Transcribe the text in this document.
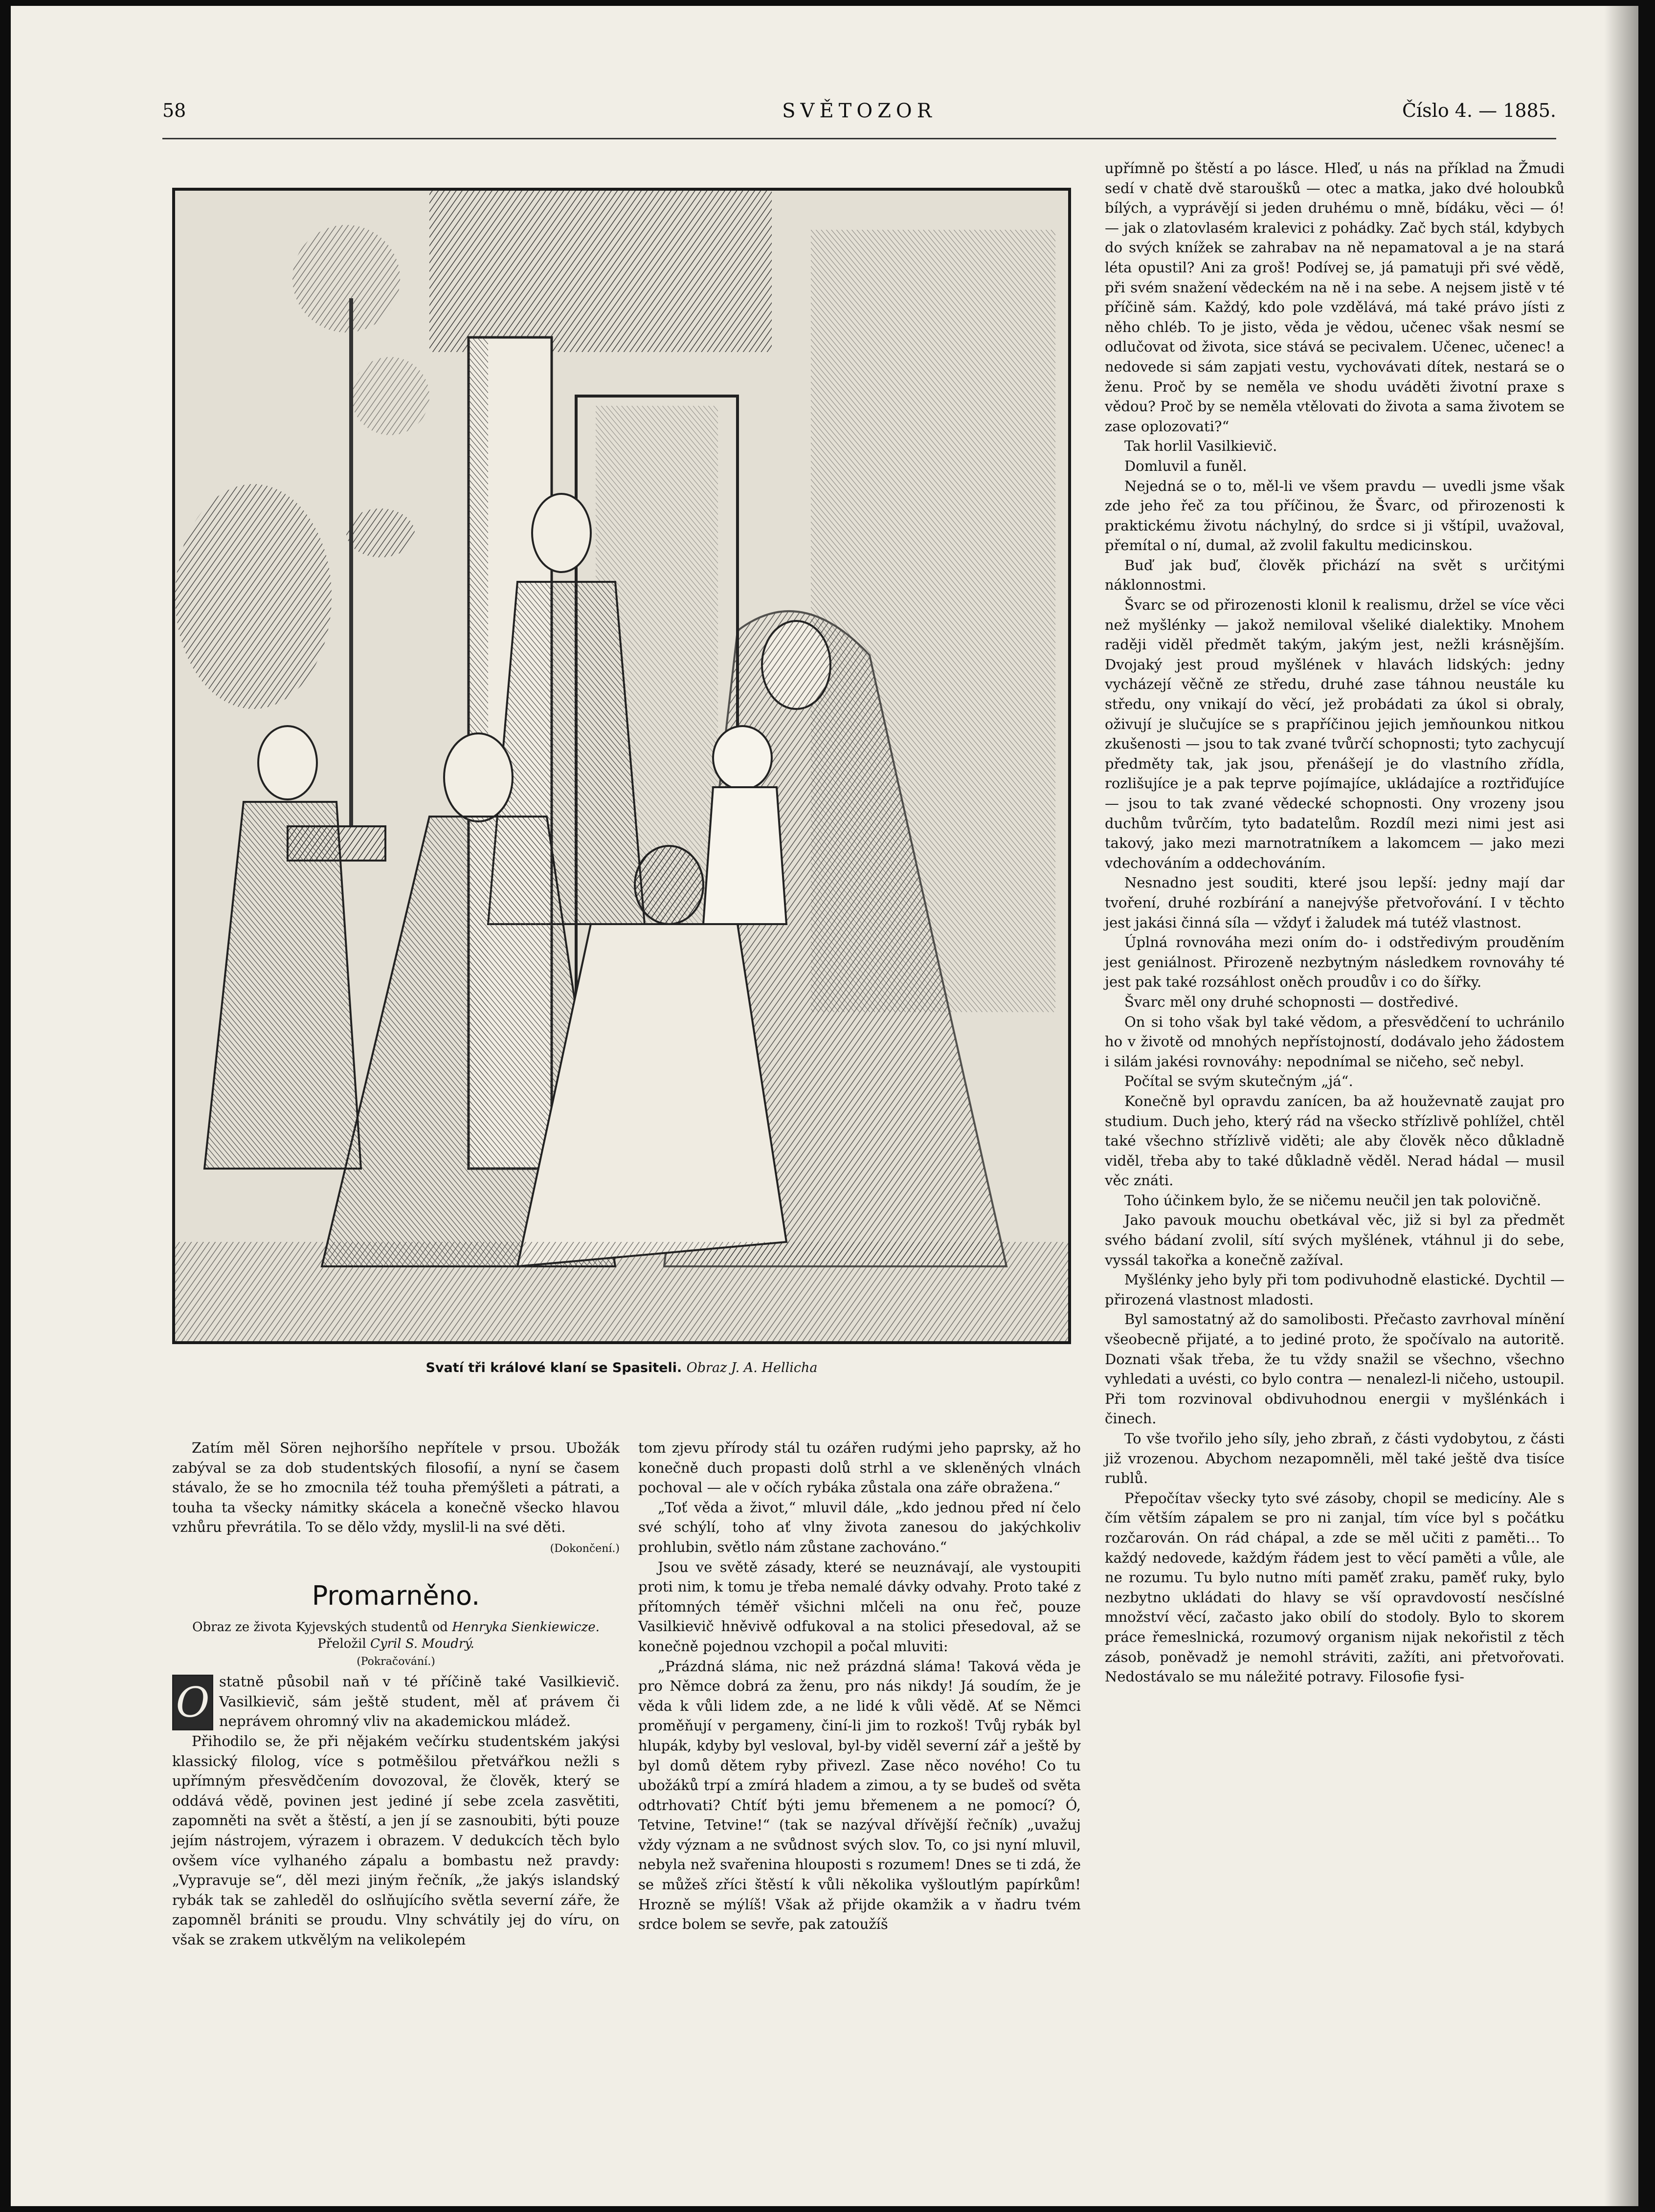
58	SVĚTOZOR	Číslo 4. — 1885.
Svatí tři králové klaní se Spasiteli. Obraz J. A. Hellicha

upřímně po štěstí a po lásce. Hleď, u nás na příklad na Žmudi sedí v chatě dvě staroušků — otec a matka, jako dvé holoubků bílých, a vyprávějí si jeden druhému o mně, bídáku, věci — ó! — jak o zlatovlasém kralevici z pohádky. Zač bych stál, kdybych do svých knížek se zahrabav na ně nepamatoval a je na stará léta opustil? Ani za groš! Podívej se, já pamatuji při své vědě, při svém snažení vědeckém na ně i na sebe. A nejsem jistě v té příčině sám. Každý, kdo pole vzdělává, má také právo jísti z něho chléb. To je jisto, věda je vědou, učenec však nesmí se odlučovat od života, sice stává se pecivalem. Učenec, učenec! a nedovede si sám zapjati vestu, vychovávati dítek, nestará se o ženu. Proč by se neměla ve shodu uváděti životní praxe s vědou? Proč by se neměla vtělovati do života a sama životem se zase oplozovati?“

Tak horlil Vasilkievič.

Domluvil a funěl.

Nejedná se o to, měl-li ve všem pravdu — uvedli jsme však zde jeho řeč za tou příčinou, že Švarc, od přirozenosti k praktickému životu náchylný, do srdce si ji vštípil, uvažoval, přemítal o ní, dumal, až zvolil fakultu medicinskou.

Buď jak buď, člověk přichází na svět s určitými náklonnostmi.

Švarc se od přirozenosti klonil k realismu, držel se více věci než myšlénky — jakož nemiloval všeliké dialektiky. Mnohem raději viděl předmět takým, jakým jest, nežli krásnějším. Dvojaký jest proud myšlének v hlavách lidských: jedny vycházejí věčně ze středu, druhé zase táhnou neustále ku středu, ony vnikají do věcí, jež probádati za úkol si obraly, oživují je slučujíce se s prapříčinou jejich jemňounkou nitkou zkušenosti — jsou to tak zvané tvůrčí schopnosti; tyto zachycují předměty tak, jak jsou, přenášejí je do vlastního zřídla, rozlišujíce je a pak teprve pojímajíce, ukládajíce a roztřiďujíce — jsou to tak zvané vědecké schopnosti. Ony vrozeny jsou duchům tvůrčím, tyto badatelům. Rozdíl mezi nimi jest asi takový, jako mezi marnotratníkem a lakomcem — jako mezi vdechováním a oddechováním.

Nesnadno jest souditi, které jsou lepší: jedny mají dar tvoření, druhé rozbírání a nanejvýše přetvořování. I v těchto jest jakási činná síla — vždyť i žaludek má tutéž vlastnost.

Úplná rovnováha mezi oním do- i odstředivým prouděním jest geniálnost. Přirozeně nezbytným následkem rovnováhy té jest pak také rozsáhlost oněch proudův i co do šířky.

Švarc měl ony druhé schopnosti — dostředivé.

On si toho však byl také vědom, a přesvědčení to uchránilo ho v životě od mnohých nepřístojností, dodávalo jeho žádostem i silám jakési rovnováhy: nepodnímal se ničeho, seč nebyl.

Počítal se svým skutečným „já“.

Konečně byl opravdu zanícen, ba až houževnatě zaujat pro studium. Duch jeho, který rád na všecko střízlivě pohlížel, chtěl také všechno střízlivě viděti; ale aby člověk něco důkladně viděl, třeba aby to také důkladně věděl. Nerad hádal — musil věc znáti.

Toho účinkem bylo, že se ničemu neučil jen tak polovičně.

Jako pavouk mouchu obetkával věc, již si byl za předmět svého bádaní zvolil, sítí svých myšlének, vtáhnul ji do sebe, vyssál takořka a konečně zažíval.

Myšlénky jeho byly při tom podivuhodně elastické. Dychtil — přirozená vlastnost mladosti.

Byl samostatný až do samolibosti. Přečasto zavrhoval mínění všeobecně přijaté, a to jediné proto, že spočívalo na autoritě. Doznati však třeba, že tu vždy snažil se všechno, všechno vyhledati a uvésti, co bylo contra — nenalezl-li ničeho, ustoupil. Při tom rozvinoval obdivuhodnou energii v myšlénkách i činech.

To vše tvořilo jeho síly, jeho zbraň, z části vydobytou, z části již vrozenou. Abychom nezapomněli, měl také ještě dva tisíce rublů.

Přepočítav všecky tyto své zásoby, chopil se medicíny. Ale s čím větším zápalem se pro ni zanjal, tím více byl s počátku rozčarován. On rád chápal, a zde se měl učiti z paměti… To každý nedovede, každým řádem jest to věcí paměti a vůle, ale ne rozumu. Tu bylo nutno míti paměť zraku, paměť ruky, bylo nezbytno ukládati do hlavy se vší opravdovostí nesčíslné množství věcí, začasto jako obilí do stodoly. Bylo to skorem práce řemeslnická, rozumový organism nijak nekořistil z těch zásob, poněvadž je nemohl stráviti, zažíti, ani přetvořovati. Nedostávalo se mu náležité potravy. Filosofie fysi-

Zatím měl Sören nejhoršího nepřítele v prsou. Ubožák zabýval se za dob studentských filosofií, a nyní se časem stávalo, že se ho zmocnila též touha přemýšleti a pátrati, a touha ta všecky námitky skácela a konečně všecko hlavou vzhůru převrátila. To se dělo vždy, myslil-li na své děti.

(Dokončení.)
Promarněno.

Obraz ze života Kyjevských studentů od Henryka Sienkiewicze. Přeložil Cyril S. Moudrý.

(Pokračování.)

O statně působil naň v té příčině také Vasilkievič. Vasilkievič, sám ještě student, měl ať právem či neprávem ohromný vliv na akademickou mládež.

Přihodilo se, že při nějakém večírku studentském jakýsi klassický filolog, více s potměšilou přetvářkou nežli s upřímným přesvědčením dovozoval, že člověk, který se oddává vědě, povinen jest jediné jí sebe zcela zasvětiti, zapomněti na svět a štěstí, a jen jí se zasnoubiti, býti pouze jejím nástrojem, výrazem i obrazem. V dedukcích těch bylo ovšem více vylhaného zápalu a bombastu než pravdy: „Vypravuje se“, děl mezi jiným řečník, „že jakýs islandský rybák tak se zahleděl do oslňujícího světla severní záře, že zapomněl brániti se proudu. Vlny schvátily jej do víru, on však se zrakem utkvělým na velikolepém

tom zjevu přírody stál tu ozářen rudými jeho paprsky, až ho konečně duch propasti dolů strhl a ve skleněných vlnách pochoval — ale v očích rybáka zůstala ona záře obražena.“

„Toť věda a život,“ mluvil dále, „kdo jednou před ní čelo své schýlí, toho ať vlny života zanesou do jakýchkoliv prohlubin, světlo nám zůstane zachováno.“

Jsou ve světě zásady, které se neuznávají, ale vystoupiti proti nim, k tomu je třeba nemalé dávky odvahy. Proto také z přítomných téměř všichni mlčeli na onu řeč, pouze Vasilkievič hněvivě odfukoval a na stolici přesedoval, až se konečně pojednou vzchopil a počal mluviti:

„Prázdná sláma, nic než prázdná sláma! Taková věda je pro Němce dobrá za ženu, pro nás nikdy! Já soudím, že je věda k vůli lidem zde, a ne lidé k vůli vědě. Ať se Němci proměňují v pergameny, činí-li jim to rozkoš! Tvůj rybák byl hlupák, kdyby byl vesloval, byl-by viděl severní zář a ještě by byl domů dětem ryby přivezl. Zase něco nového! Co tu ubožáků trpí a zmírá hladem a zimou, a ty se budeš od světa odtrhovati? Chtíť býti jemu břemenem a ne pomocí? Ó, Tetvine, Tetvine!“ (tak se nazýval dřívější řečník) „uvažuj vždy význam a ne svůdnost svých slov. To, co jsi nyní mluvil, nebyla než svařenina hlouposti s rozumem! Dnes se ti zdá, že se můžeš zříci štěstí k vůli několika vyšloutlým papírkům! Hrozně se mýlíš! Však až přijde okamžik a v ňadru tvém srdce bolem se sevře, pak zatoužíš
